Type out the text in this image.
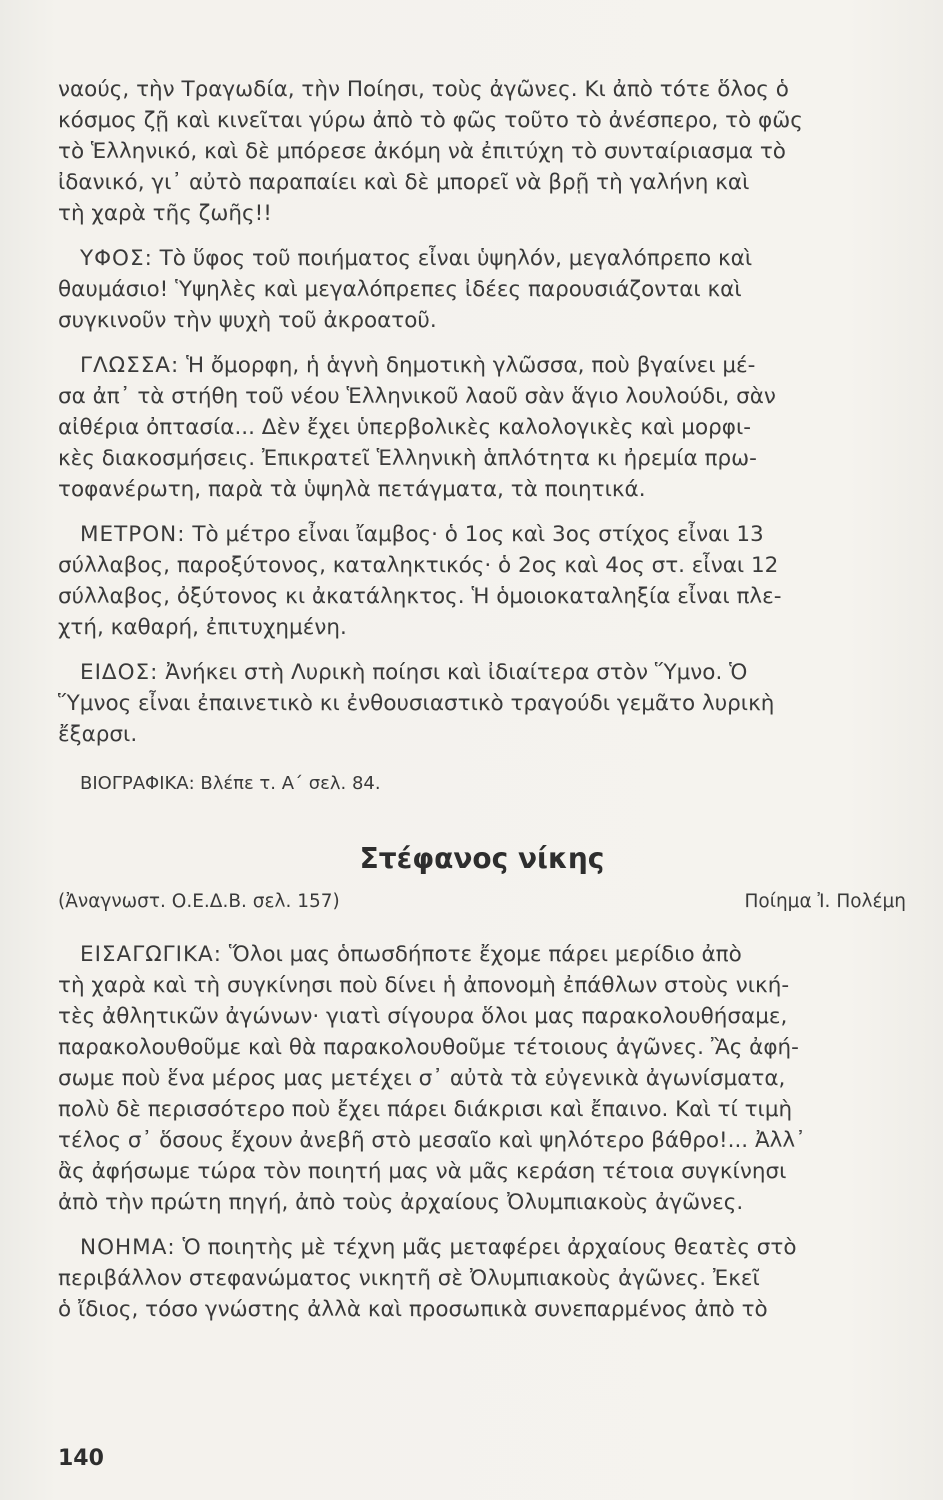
ναούς, τὴν Τραγωδία, τὴν Ποίησι, τοὺς ἀγῶνες. Κι ἀπὸ τότε ὅλος ὁ
κόσμος ζῇ καὶ κινεῖται γύρω ἀπὸ τὸ φῶς τοῦτο τὸ ἀνέσπερο, τὸ φῶς
τὸ Ἑλληνικό, καὶ δὲ μπόρεσε ἀκόμη νὰ ἐπιτύχη τὸ συνταίριασμα τὸ
ἰδανικό, γι᾽ αὐτὸ παραπαίει καὶ δὲ μπορεῖ νὰ βρῇ τὴ γαλήνη καὶ
τὴ χαρὰ τῆς ζωῆς!!
ΥΦΟΣ: Τὸ ὕφος τοῦ ποιήματος εἶναι ὑψηλόν, μεγαλόπρεπο καὶ
θαυμάσιο! Ὑψηλὲς καὶ μεγαλόπρεπες ἰδέες παρουσιάζονται καὶ
συγκινοῦν τὴν ψυχὴ τοῦ ἀκροατοῦ.
ΓΛΩΣΣΑ: Ἡ ὄμορφη, ἡ ἁγνὴ δημοτικὴ γλῶσσα, ποὺ βγαίνει μέ-
σα ἀπ᾽ τὰ στήθη τοῦ νέου Ἑλληνικοῦ λαοῦ σὰν ἅγιο λουλούδι, σὰν
αἰθέρια ὀπτασία... Δὲν ἔχει ὑπερβολικὲς καλολογικὲς καὶ μορφι-
κὲς διακοσμήσεις. Ἐπικρατεῖ Ἑλληνικὴ ἁπλότητα κι ἠρεμία πρω-
τοφανέρωτη, παρὰ τὰ ὑψηλὰ πετάγματα, τὰ ποιητικά.
ΜΕΤΡΟΝ: Τὸ μέτρο εἶναι ἴαμβος· ὁ 1ος καὶ 3ος στίχος εἶναι 13
σύλλαβος, παροξύτονος, καταληκτικός· ὁ 2ος καὶ 4ος στ. εἶναι 12
σύλλαβος, ὀξύτονος κι ἀκατάληκτος. Ἡ ὁμοιοκαταληξία εἶναι πλε-
χτή, καθαρή, ἐπιτυχημένη.
ΕΙΔΟΣ: Ἀνήκει στὴ Λυρικὴ ποίησι καὶ ἰδιαίτερα στὸν Ὕμνο. Ὁ
Ὕμνος εἶναι ἐπαινετικὸ κι ἐνθουσιαστικὸ τραγούδι γεμᾶτο λυρικὴ
ἔξαρσι.
ΒΙΟΓΡΑΦΙΚΑ: Βλέπε τ. Α΄ σελ. 84.
Στέφανος νίκης
(Ἀναγνωστ. Ο.Ε.Δ.Β. σελ. 157)	Ποίημα Ἰ. Πολέμη
ΕΙΣΑΓΩΓΙΚΑ: Ὅλοι μας ὁπωσδήποτε ἔχομε πάρει μερίδιο ἀπὸ
τὴ χαρὰ καὶ τὴ συγκίνησι ποὺ δίνει ἡ ἀπονομὴ ἐπάθλων στοὺς νική-
τὲς ἀθλητικῶν ἀγώνων· γιατὶ σίγουρα ὅλοι μας παρακολουθήσαμε,
παρακολουθοῦμε καὶ θὰ παρακολουθοῦμε τέτοιους ἀγῶνες. Ἂς ἀφή-
σωμε ποὺ ἕνα μέρος μας μετέχει σ᾽ αὐτὰ τὰ εὐγενικὰ ἀγωνίσματα,
πολὺ δὲ περισσότερο ποὺ ἔχει πάρει διάκρισι καὶ ἔπαινο. Καὶ τί τιμὴ
τέλος σ᾽ ὅσους ἔχουν ἀνεβῆ στὸ μεσαῖο καὶ ψηλότερο βάθρο!... Ἀλλ᾽
ἂς ἀφήσωμε τώρα τὸν ποιητή μας νὰ μᾶς κεράση τέτοια συγκίνησι
ἀπὸ τὴν πρώτη πηγή, ἀπὸ τοὺς ἀρχαίους Ὀλυμπιακοὺς ἀγῶνες.
ΝΟΗΜΑ: Ὁ ποιητὴς μὲ τέχνη μᾶς μεταφέρει ἀρχαίους θεατὲς στὸ
περιβάλλον στεφανώματος νικητῆ σὲ Ὀλυμπιακοὺς ἀγῶνες. Ἐκεῖ
ὁ ἴδιος, τόσο γνώστης ἀλλὰ καὶ προσωπικὰ συνεπαρμένος ἀπὸ τὸ
140
